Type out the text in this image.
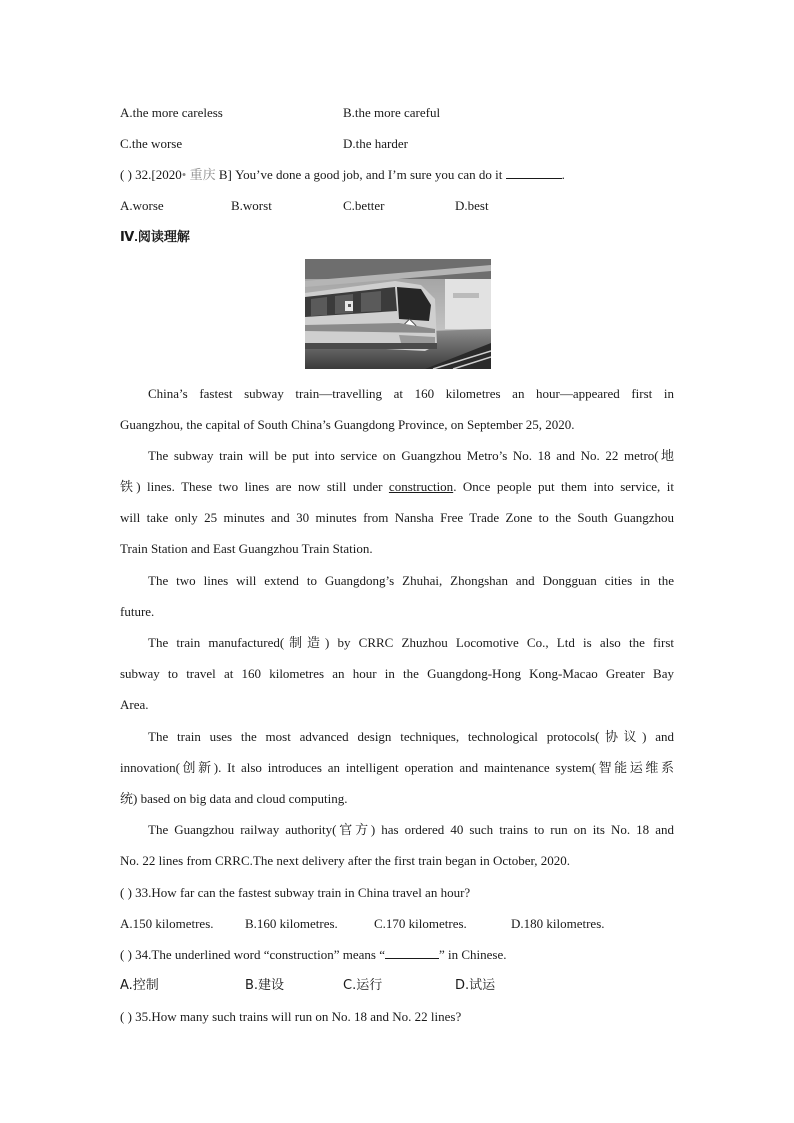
A.the more careless	B.the more careful
C.the worse	D.the harder
( ) 32.[2020• 重庆 B] You’ve done a good job, and I’m sure you can do it	.
A.worse	B.worst	C.better	D.best
Ⅳ.阅读理解
China’s fastest subway train—travelling at 160 kilometres an hour—appeared first in
Guangzhou, the capital of South China’s Guangdong Province, on September 25, 2020.
The subway train will be put into service on Guangzhou Metro’s No. 18 and No. 22 metro(地
铁) lines. These two lines are now still under construction. Once people put them into service, it
will take only 25 minutes and 30 minutes from Nansha Free Trade Zone to the South Guangzhou
Train Station and East Guangzhou Train Station.
The two lines will extend to Guangdong’s Zhuhai, Zhongshan and Dongguan cities in the
future.
The train manufactured(制造) by CRRC Zhuzhou Locomotive Co., Ltd is also the first
subway to travel at 160 kilometres an hour in the Guangdong-Hong Kong-Macao Greater Bay
Area.
The train uses the most advanced design techniques, technological protocols(协议) and
innovation(创新). It also introduces an intelligent operation and maintenance system(智能运维系
统) based on big data and cloud computing.
The Guangzhou railway authority(官方) has ordered 40 such trains to run on its No. 18 and
No. 22 lines from CRRC.The next delivery after the first train began in October, 2020.
( ) 33.How far can the fastest subway train in China travel an hour?
A.150 kilometres. B.160 kilometres.	C.170 kilometres.	D.180 kilometres.
( ) 34.The underlined word “construction” means “	” in Chinese.
A.控制	B.建设	C.运行	D.试运
( ) 35.How many such trains will run on No. 18 and No. 22 lines?
